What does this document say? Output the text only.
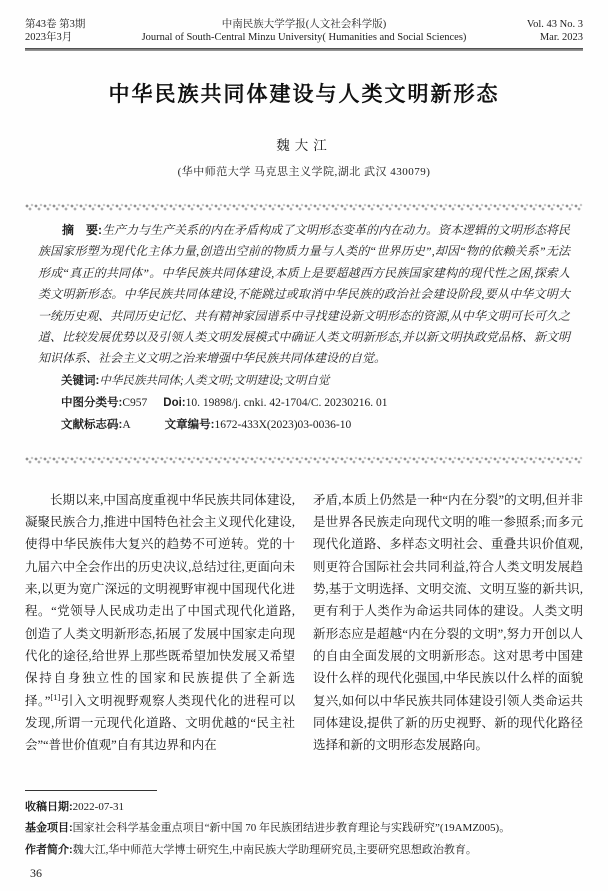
第43卷 第3期	中南民族大学学报(人文社会科学版)	Vol. 43 No. 3
2023年3月	Journal of South-Central Minzu University( Humanities and Social Sciences)	Mar. 2023
中华民族共同体建设与人类文明新形态
魏大江
(华中师范大学 马克思主义学院,湖北 武汉 430079)

摘　要:生产力与生产关系的内在矛盾构成了文明形态变革的内在动力。资本逻辑的文明形态将民族国家形塑为现代化主体力量,创造出空前的物质力量与人类的“世界历史”,却因“物的依赖关系”无法形成“真正的共同体”。中华民族共同体建设,本质上是要超越西方民族国家建构的现代性之困,探索人类文明新形态。中华民族共同体建设,不能跳过或取消中华民族的政治社会建设阶段,要从中华文明大一统历史观、共同历史记忆、共有精神家园谱系中寻找建设新文明形态的资源,从中华文明可长可久之道、比较发展优势以及引领人类文明发展模式中确证人类文明新形态,并以新文明执政党品格、新文明知识体系、社会主义文明之治来增强中华民族共同体建设的自觉。

关键词:中华民族共同体;人类文明;文明建设;文明自觉
中图分类号:C957 Doi:10. 19898/j. cnki. 42-1704/C. 20230216. 01
文献标志码:A	文章编号:1672-433X(2023)03-0036-10

长期以来,中国高度重视中华民族共同体建设,凝聚民族合力,推进中国特色社会主义现代化建设,使得中华民族伟大复兴的趋势不可逆转。党的十九届六中全会作出的历史决议,总结过往,更面向未来,以更为宽广深远的文明视野审视中国现代化进程。“党领导人民成功走出了中国式现代化道路,创造了人类文明新形态,拓展了发展中国家走向现代化的途径,给世界上那些既希望加快发展又希望保持自身独立性的国家和民族提供了全新选择。”[1]引入文明视野观察人类现代化的进程可以发现,所谓一元现代化道路、文明优越的“民主社会”“普世价值观”自有其边界和内在

矛盾,本质上仍然是一种“内在分裂”的文明,但并非是世界各民族走向现代文明的唯一参照系;而多元现代化道路、多样态文明社会、重叠共识价值观,则更符合国际社会共同利益,符合人类文明发展趋势,基于文明选择、文明交流、文明互鉴的新共识,更有利于人类作为命运共同体的建设。人类文明新形态应是超越“内在分裂的文明”,努力开创以人的自由全面发展的文明新形态。这对思考中国建设什么样的现代化强国,中华民族以什么样的面貌复兴,如何以中华民族共同体建设引领人类命运共同体建设,提供了新的历史视野、新的现代化路径选择和新的文明形态发展路向。

收稿日期:2022-07-31
基金项目:国家社会科学基金重点项目“新中国 70 年民族团结进步教育理论与实践研究”(19AMZ005)。
作者简介:魏大江,华中师范大学博士研究生,中南民族大学助理研究员,主要研究思想政治教育。
36
